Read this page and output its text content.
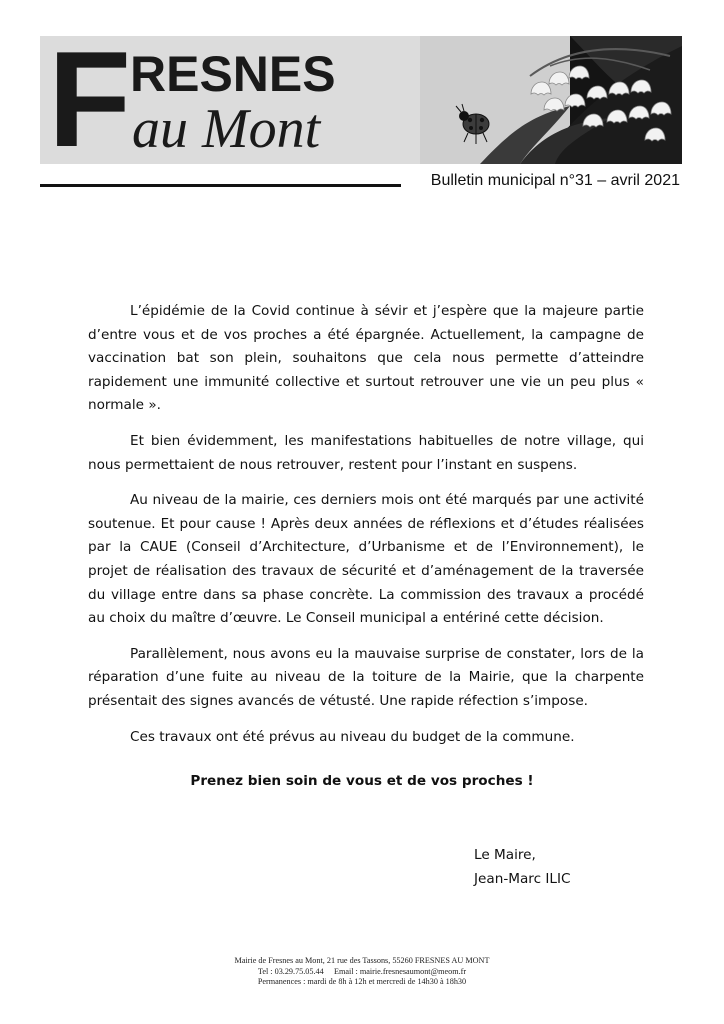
F RESNES
au Mont
Bulletin municipal n°31 – avril 2021

L’épidémie de la Covid continue à sévir et j’espère que la majeure partie d’entre vous et de vos proches a été épargnée. Actuellement, la campagne de vaccination bat son plein, souhaitons que cela nous permette d’atteindre rapidement une immunité collective et surtout retrouver une vie un peu plus « normale ».

Et bien évidemment, les manifestations habituelles de notre village, qui nous permettaient de nous retrouver, restent pour l’instant en suspens.

Au niveau de la mairie, ces derniers mois ont été marqués par une activité soutenue. Et pour cause ! Après deux années de réflexions et d’études réalisées par la CAUE (Conseil d’Architecture, d’Urbanisme et de l’Environnement), le projet de réalisation des travaux de sécurité et d’aménagement de la traversée du village entre dans sa phase concrète. La commission des travaux a procédé au choix du maître d’œuvre. Le Conseil municipal a entériné cette décision.

Parallèlement, nous avons eu la mauvaise surprise de constater, lors de la réparation d’une fuite au niveau de la toiture de la Mairie, que la charpente présentait des signes avancés de vétusté. Une rapide réfection s’impose.

Ces travaux ont été prévus au niveau du budget de la commune.

Prenez bien soin de vous et de vos proches !
Le Maire,
Jean-Marc ILIC
Mairie de Fresnes au Mont, 21 rue des Tassons, 55260 FRESNES AU MONT
Tel : 03.29.75.05.44     Email : mairie.fresnesaumont@meom.fr
Permanences : mardi de 8h à 12h et mercredi de 14h30 à 18h30
